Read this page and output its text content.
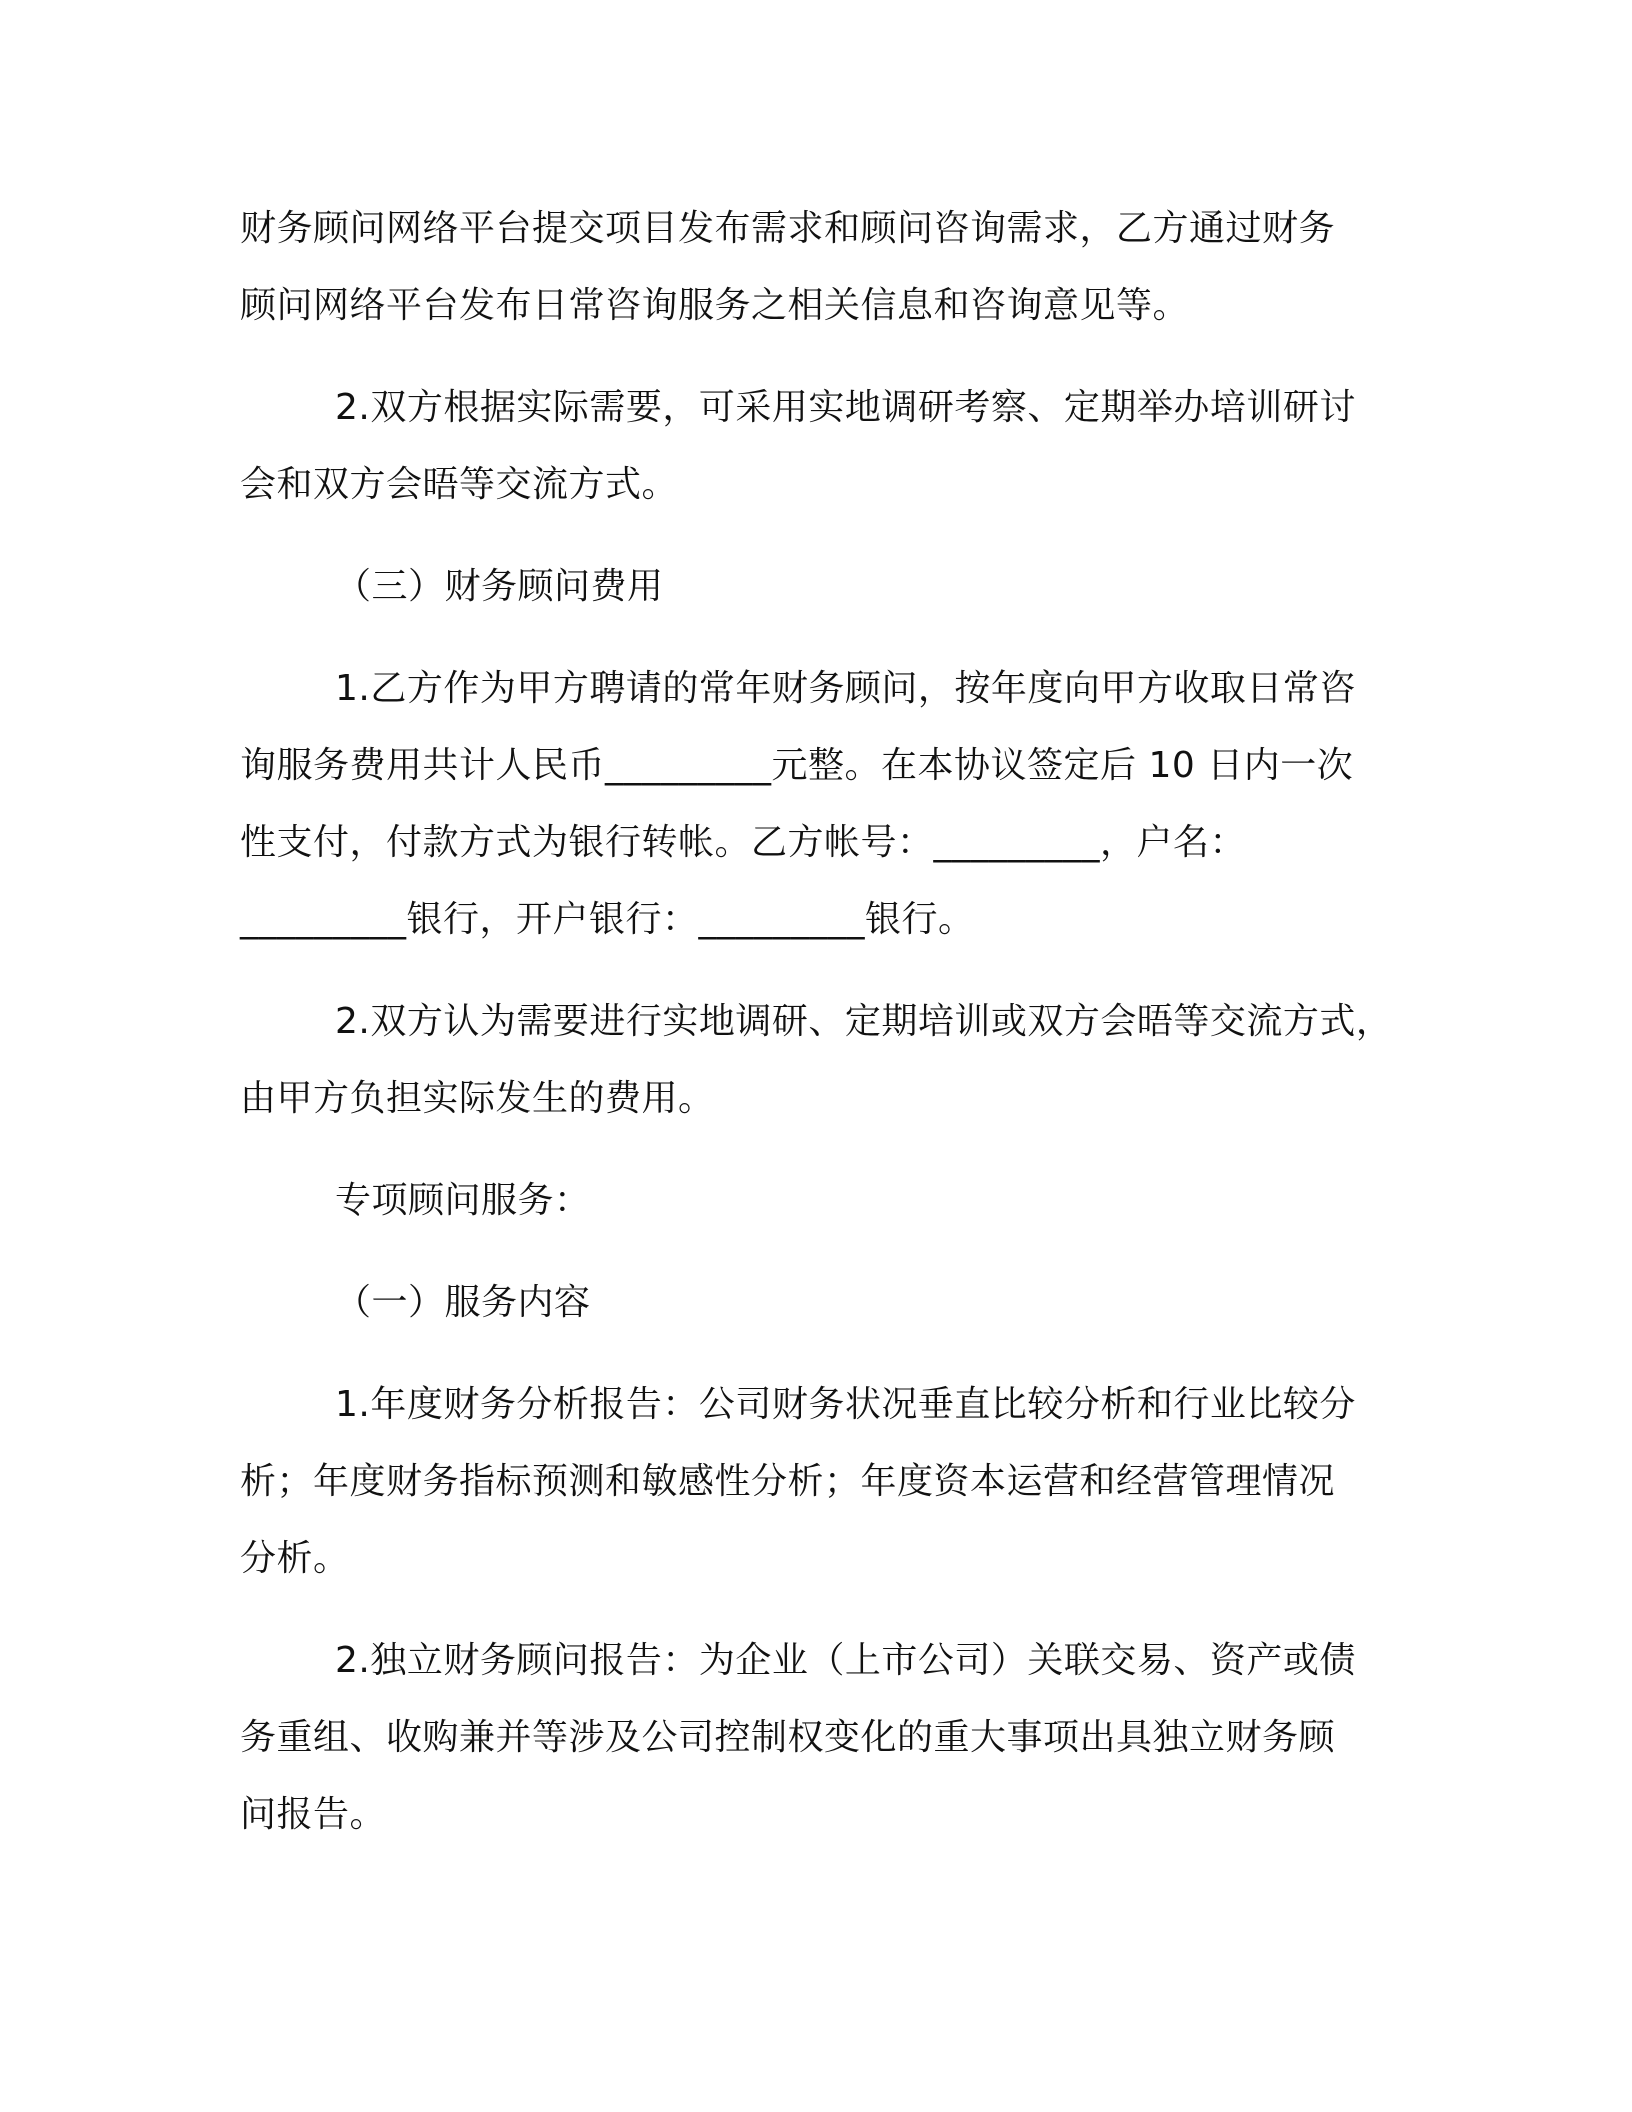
财务顾问网络平台提交项目发布需求和顾问咨询需求，乙方通过财务
顾问网络平台发布日常咨询服务之相关信息和咨询意见等。

2.双方根据实际需要，可采用实地调研考察、定期举办培训研讨
会和双方会晤等交流方式。

（三）财务顾问费用

1.乙方作为甲方聘请的常年财务顾问，按年度向甲方收取日常咨
询服务费用共计人民币_________元整。在本协议签定后 10 日内一次
性支付，付款方式为银行转帐。乙方帐号：_________，户名：
_________银行，开户银行：_________银行。

2.双方认为需要进行实地调研、定期培训或双方会晤等交流方式，
由甲方负担实际发生的费用。

专项顾问服务：

（一）服务内容

1.年度财务分析报告：公司财务状况垂直比较分析和行业比较分
析；年度财务指标预测和敏感性分析；年度资本运营和经营管理情况
分析。

2.独立财务顾问报告：为企业（上市公司）关联交易、资产或债
务重组、收购兼并等涉及公司控制权变化的重大事项出具独立财务顾
问报告。
